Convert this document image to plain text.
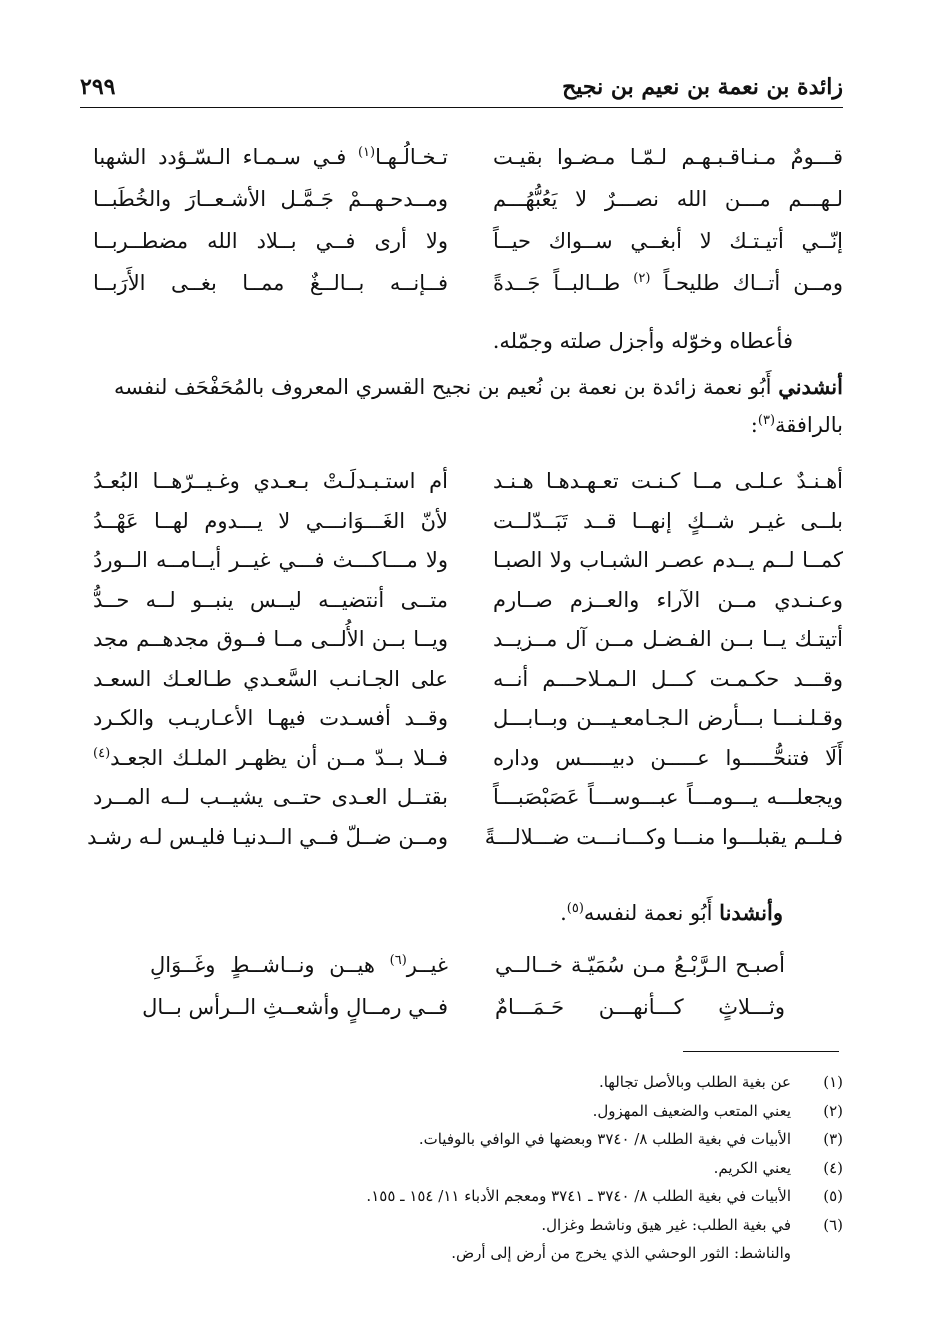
زائدة بن نعمة بن نعيم بن نجيح
٢٩٩
قـــومٌ مـنـاقـبـهـم لـمّـا مـضـوا بقيـت
تـخـالُـهـا$^{(١)}$ فـي سـمـاء الـسّـؤدد الشهبا
لـهـــم مـــن الله نصـــرٌ لا يَعُبُّهُـــم
ومــدحـهــمْ جَـمَّـل الأشـعــارَ والخُطَبــا
إنّــي أتيـتـك لا أبغــي ســواك حيــاً
ولا أرى فــي بــلاد الله مضطــربــا
ومــن أتــاك طليحـاً $^{(٢)}$ طــالبــاً جَــدةً
فــإنــه بــالــغٌ ممــا بغــى الأَرَبــا
فأعطاه وخوّله وأجزل صلته وجمّله.
أنشدني أَبُو نعمة زائدة بن نعمة بن نُعيم بن نجيح القسري المعروف بالمُحَفْحَف لنفسه بالرافقة$^{(٣)}$:
أهـنـدٌ عـلـى مــا كـنـت تعـهـدهـا هـنـد
أم استـبـدلَـتْ بـعـدي وغـيــرّهــا البُعـدُ
بلــى غيـر شــكٍ إنهــا قــد تَبَــدّلــت
لأنّ الغَـــوَانـــي لا يـــدوم لهــا عَهْــدُ
كمــا لــم يــدم عصـر الشبـاب ولا الصبـا
ولا مـــاكـــث فـــي غيــر أيــامــه الــوردُ
وعـنـدي مــن الآراء والعــزم صــارم
متــى أنتضيــه ليــس ينبــو لــه حــدُّ
أتيتـك يــا بــن الفـضـل مــن آل مــزيــد
ويــا بــن الأُلــى مــا فــوق مجدهــم مجد
وقـــد حكـمـت كـــل الـمـلاحـــم أنــه
على الجـانـب السَّعـدي طـالعـك السعـد
وقـلـنـــا بـــأرض الـجـامعـيـــن وبــابـــل
وقــد أفسـدت فيهـا الأعـاريـب والكـرد
أَلَا فتنحُّـــــوا عـــــن دبيـــــس وداره
فــلا بــدّ مــن أن يظهـر الملـك الجعـد$^{(٤)}$
ويجعلـــه يـــومـــاً عبـــوســـاً عَصَبْصَبـــاً
بقتــل العـدى حتــى يشيــب لــه المــرد
فـلــم يقبلـــوا منـــا وكـــانـــت ضـــلالـــةً
ومــن ضــلّ فــي الــدنيـا فليـس لـه رشـد
وأنشدنا أَبُو نعمة لنفسه$^{(٥)}$.
أصبـح الـرَّبْـعُ مـن سُمَيّـة خــالــي
غيــر$^{(٦)}$ هيــن ونــاشــطٍ وغَــوَالِ
وثـــلاثٍ كـــأنهـــن حَـمَـــامٌ
فــي رمــالٍ وأشعــثِ الــرأس بــال
(١)
عن بغية الطلب وبالأصل تجالها.
(٢)
يعني المتعب والضعيف المهزول.
(٣)
الأبيات في بغية الطلب ٨/ ٣٧٤٠ وبعضها في الوافي بالوفيات.
(٤)
يعني الكريم.
(٥)
الأبيات في بغية الطلب ٨/ ٣٧٤٠ ـ ٣٧٤١ ومعجم الأدباء ١١/ ١٥٤ ـ ١٥٥.
(٦)
في بغية الطلب: غير هيق وناشط وغزال.
والناشط: الثور الوحشي الذي يخرج من أرض إلى أرض.
